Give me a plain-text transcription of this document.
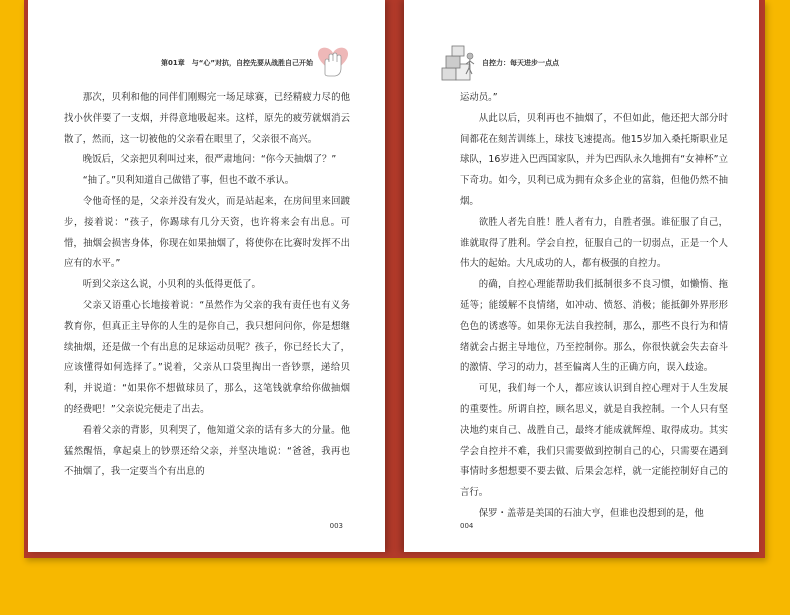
第01章　与“心”对抗，自控先要从战胜自己开始

那次，贝利和他的同伴们刚赐完一场足球赛，已经精疲力尽的他找小伙伴要了一支烟，并得意地吸起来。这样，原先的疲劳就烟消云散了，然而，这一切被他的父亲看在眼里了，父亲很不高兴。

晚饭后，父亲把贝利叫过来，很严肃地问：“你今天抽烟了？”

“抽了。”贝利知道自己做错了事，但也不敢不承认。

令他奇怪的是，父亲并没有发火，而是站起来，在房间里来回踱步，接着说：“孩子，你踢球有几分天资，也许将来会有出息。可惜，抽烟会损害身体，你现在如果抽烟了，将使你在比赛时发挥不出应有的水平。”

听到父亲这么说，小贝利的头低得更低了。

父亲又语重心长地接着说：“虽然作为父亲的我有责任也有义务教育你，但真正主导你的人生的是你自己，我只想问问你，你是想继续抽烟，还是做一个有出息的足球运动员呢？孩子，你已经长大了，应该懂得如何选择了。”说着，父亲从口袋里掏出一沓钞票，递给贝利，并说道：“如果你不想做球员了，那么，这笔钱就拿给你做抽烟的经费吧！”父亲说完便走了出去。

看着父亲的背影，贝利哭了，他知道父亲的话有多大的分量。他猛然醒悟，拿起桌上的钞票还给父亲，并坚决地说：“爸爸，我再也不抽烟了，我一定要当个有出息的

003
自控力：每天进步一点点

运动员。”

从此以后，贝利再也不抽烟了，不但如此，他还把大部分时间都花在刻苦训练上，球技飞速提高。他15岁加入桑托斯职业足球队，16岁进入巴西国家队，并为巴西队永久地拥有“女神杯”立下奇功。如今，贝利已成为拥有众多企业的富翁，但他仍然不抽烟。

欲胜人者先自胜！胜人者有力，自胜者强。谁征服了自己，谁就取得了胜利。学会自控，征服自己的一切弱点，正是一个人伟大的起始。大凡成功的人，都有极强的自控力。

的确，自控心理能帮助我们抵制很多不良习惯，如懒惰、拖延等；能缓解不良情绪，如冲动、愤怒、消极；能抵御外界形形色色的诱惑等。如果你无法自我控制，那么，那些不良行为和情绪就会占据主导地位，乃至控制你。那么，你很快就会失去奋斗的激情、学习的动力，甚至偏离人生的正确方向，误入歧途。

可见，我们每一个人，都应该认识到自控心理对于人生发展的重要性。所谓自控，顾名思义，就是自我控制。一个人只有坚决地约束自己、战胜自己，最终才能成就辉煌、取得成功。其实学会自控并不难，我们只需要做到控制自己的心，只需要在遇到事情时多想想要不要去做、后果会怎样，就一定能控制好自己的言行。

保罗・盖蒂是美国的石油大亨，但谁也没想到的是，他

004
